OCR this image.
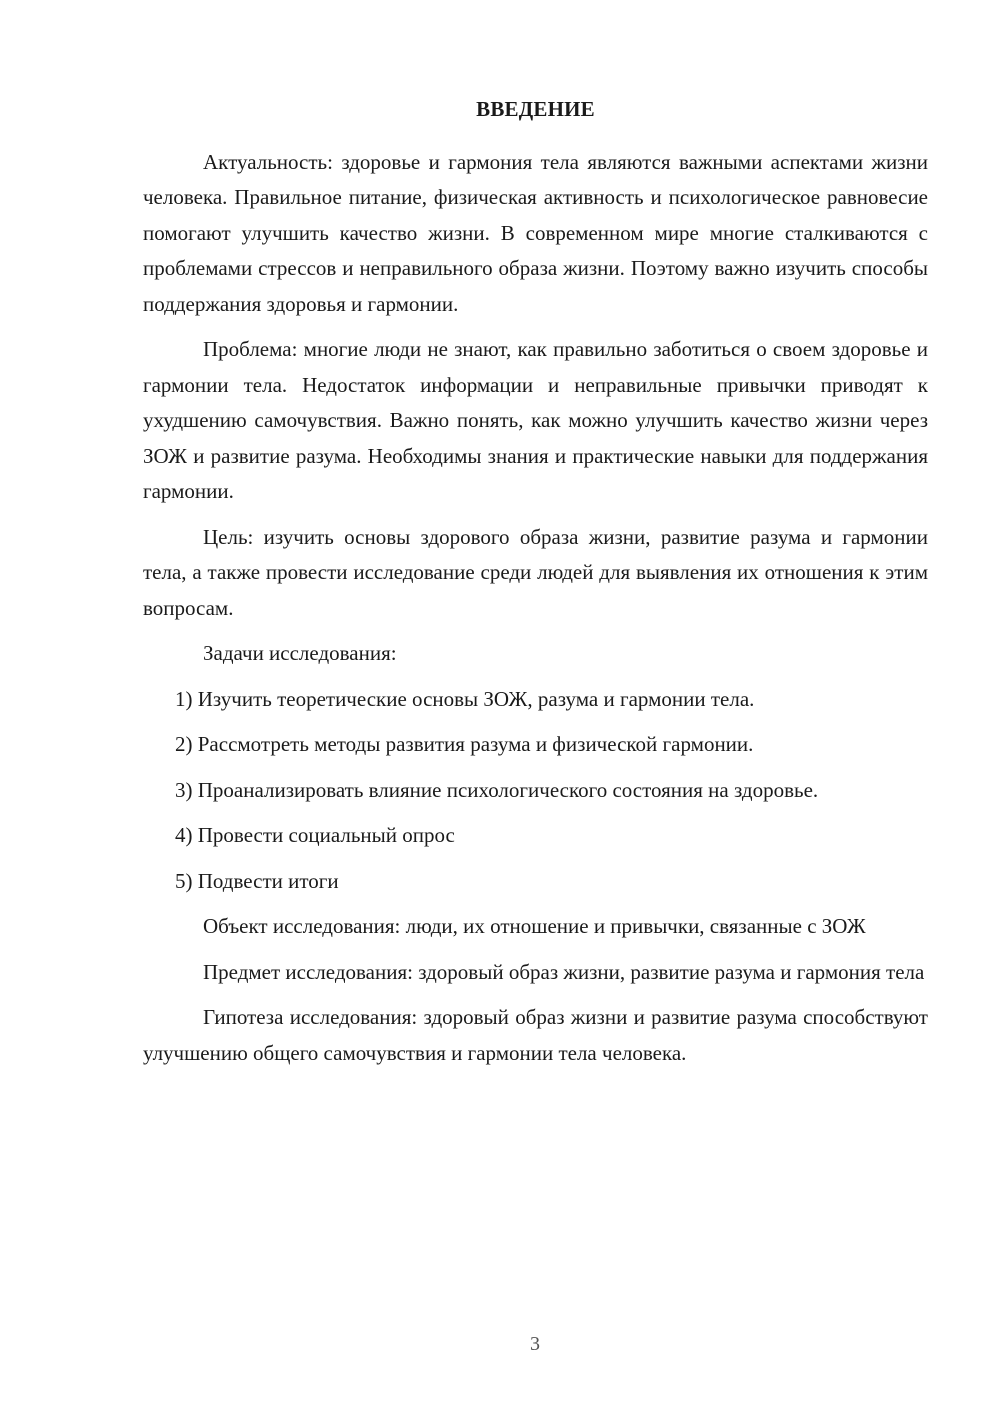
ВВЕДЕНИЕ

Актуальность: здоровье и гармония тела являются важными аспектами жизни человека. Правильное питание, физическая активность и психологическое равновесие помогают улучшить качество жизни. В современном мире многие сталкиваются с проблемами стрессов и неправильного образа жизни. Поэтому важно изучить способы поддержания здоровья и гармонии.

Проблема: многие люди не знают, как правильно заботиться о своем здоровье и гармонии тела. Недостаток информации и неправильные привычки приводят к ухудшению самочувствия. Важно понять, как можно улучшить качество жизни через ЗОЖ и развитие разума. Необходимы знания и практические навыки для поддержания гармонии.

Цель: изучить основы здорового образа жизни, развитие разума и гармонии тела, а также провести исследование среди людей для выявления их отношения к этим вопросам.

Задачи исследования:

1) Изучить теоретические основы ЗОЖ, разума и гармонии тела.

2) Рассмотреть методы развития разума и физической гармонии.

3) Проанализировать влияние психологического состояния на здоровье.

4) Провести социальный опрос

5) Подвести итоги

Объект исследования: люди, их отношение и привычки, связанные с ЗОЖ

Предмет исследования: здоровый образ жизни, развитие разума и гармония тела

Гипотеза исследования: здоровый образ жизни и развитие разума способствуют улучшению общего самочувствия и гармонии тела человека.

3
